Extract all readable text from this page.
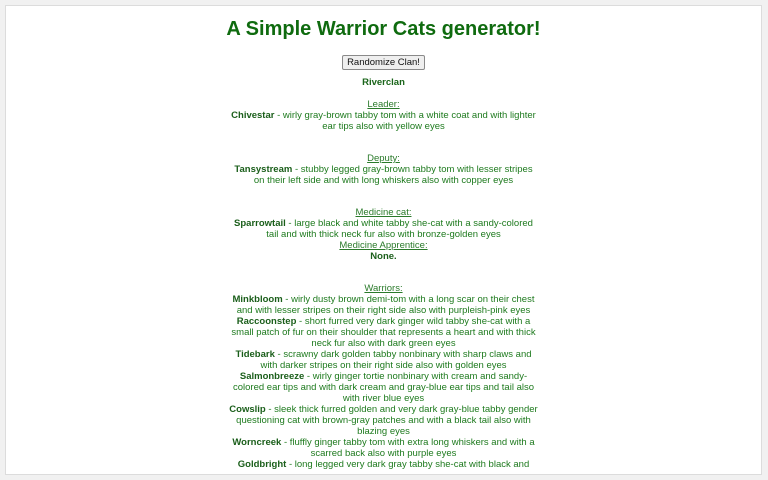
A Simple Warrior Cats generator!
Randomize Clan!
Riverclan
Leader:
Chivestar - wirly gray-brown tabby tom with a white coat and with lighter ear tips also with yellow eyes
Deputy:
Tansystream - stubby legged gray-brown tabby tom with lesser stripes on their left side and with long whiskers also with copper eyes
Medicine cat:
Sparrowtail - large black and white tabby she-cat with a sandy-colored tail and with thick neck fur also with bronze-golden eyes
Medicine Apprentice:
None.
Warriors:
Minkbloom - wirly dusty brown demi-tom with a long scar on their chest and with lesser stripes on their right side also with purpleish-pink eyes
Raccoonstep - short furred very dark ginger wild tabby she-cat with a small patch of fur on their shoulder that represents a heart and with thick neck fur also with dark green eyes
Tidebark - scrawny dark golden tabby nonbinary with sharp claws and with darker stripes on their right side also with golden eyes
Salmonbreeze - wirly ginger tortie nonbinary with cream and sandy-colored ear tips and with dark cream and gray-blue ear tips and tail also with river blue eyes
Cowslip - sleek thick furred golden and very dark gray-blue tabby gender questioning cat with brown-gray patches and with a black tail also with blazing eyes
Worncreek - fluffly ginger tabby tom with extra long whiskers and with a scarred back also with purple eyes
Goldbright - long legged very dark gray tabby she-cat with black and
